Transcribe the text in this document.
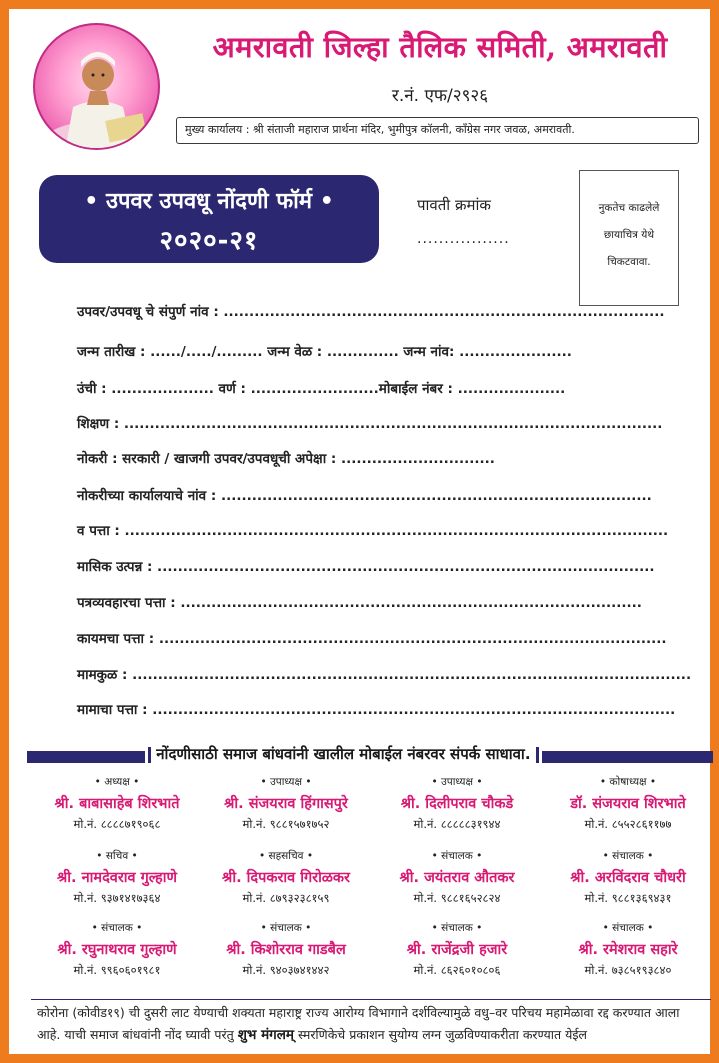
अमरावती जिल्हा तैलिक समिती, अमरावती
र.नं. एफ/२९२६
मुख्य कार्यालय : श्री संताजी महाराज प्रार्थना मंदिर, भुमीपुत्र कॉलनी, कॉंग्रेस नगर जवळ, अमरावती.
• उपवर उपवधू नोंदणी फॉर्म •
२०२०-२१
पावती क्रमांक
.................
नुकतेच काढलेले
छायाचित्र येथे
चिकटवावा.
उपवर/उपवधू चे संपुर्ण नांव : ......................................................................................
जन्म तारीख : ....../...../......... जन्म वेळ : .............. जन्म नांव: ......................
उंची : .................... वर्ण : .........................मोबाईल नंबर : .....................
शिक्षण : .........................................................................................................
नोकरी : सरकारी / खाजगी उपवर/उपवधूची अपेक्षा : ..............................
नोकरीच्या कार्यालयाचे नांव : ....................................................................................
व पत्ता : ..........................................................................................................
मासिक उत्पन्न : .................................................................................................
पत्रव्यवहारचा पत्ता : ..........................................................................................
कायमचा पत्ता : ...................................................................................................
मामकुळ : .............................................................................................................
मामाचा पत्ता : ......................................................................................................
नोंदणीसाठी समाज बांधवांनी खालील मोबाईल नंबरवर संपर्क साधावा.
• अध्यक्ष •
श्री. बाबासाहेब शिरभाते
मो.नं. ८८८८७१९०६८
• उपाध्यक्ष •
श्री. संजयराव हिंगासपुरे
मो.नं. ९८८१५७१७५२
• उपाध्यक्ष •
श्री. दिलीपराव चौकडे
मो.नं. ८८८८८३१९४४
• कोषाध्यक्ष •
डॉ. संजयराव शिरभाते
मो.नं. ८५५२८६११७७
• सचिव •
श्री. नामदेवराव गुल्हाणे
मो.नं. ९३७१४१७३६४
• सहसचिव •
श्री. दिपकराव गिरोळकर
मो.नं. ८७९३२३८१५९
• संचालक •
श्री. जयंतराव औतकर
मो.नं. ९८८१६५२८२४
• संचालक •
श्री. अरविंदराव चौधरी
मो.नं. ९८८१३६९४३१
• संचालक •
श्री. रघुनाथराव गुल्हाणे
मो.नं. ९९६०६०१९८१
• संचालक •
श्री. किशोरराव गाडबैल
मो.नं. ९४०३७४१४४२
• संचालक •
श्री. राजेंद्रजी हजारे
मो.नं. ८६२६०१०८०६
• संचालक •
श्री. रमेशराव सहारे
मो.नं. ७३८५१९३८४०
कोरोना (कोवीड१९) ची दुसरी लाट येण्याची शक्यता महाराष्ट्र राज्य आरोग्य विभागाने दर्शविल्यामुळे वधु–वर परिचय महामेळावा रद्द करण्यात आला आहे. याची समाज बांधवांनी नोंद घ्यावी परंतु शुभ मंगलम् स्मरणिकेचे प्रकाशन सुयोग्य लग्न जुळविण्याकरीता करण्यात येईल
